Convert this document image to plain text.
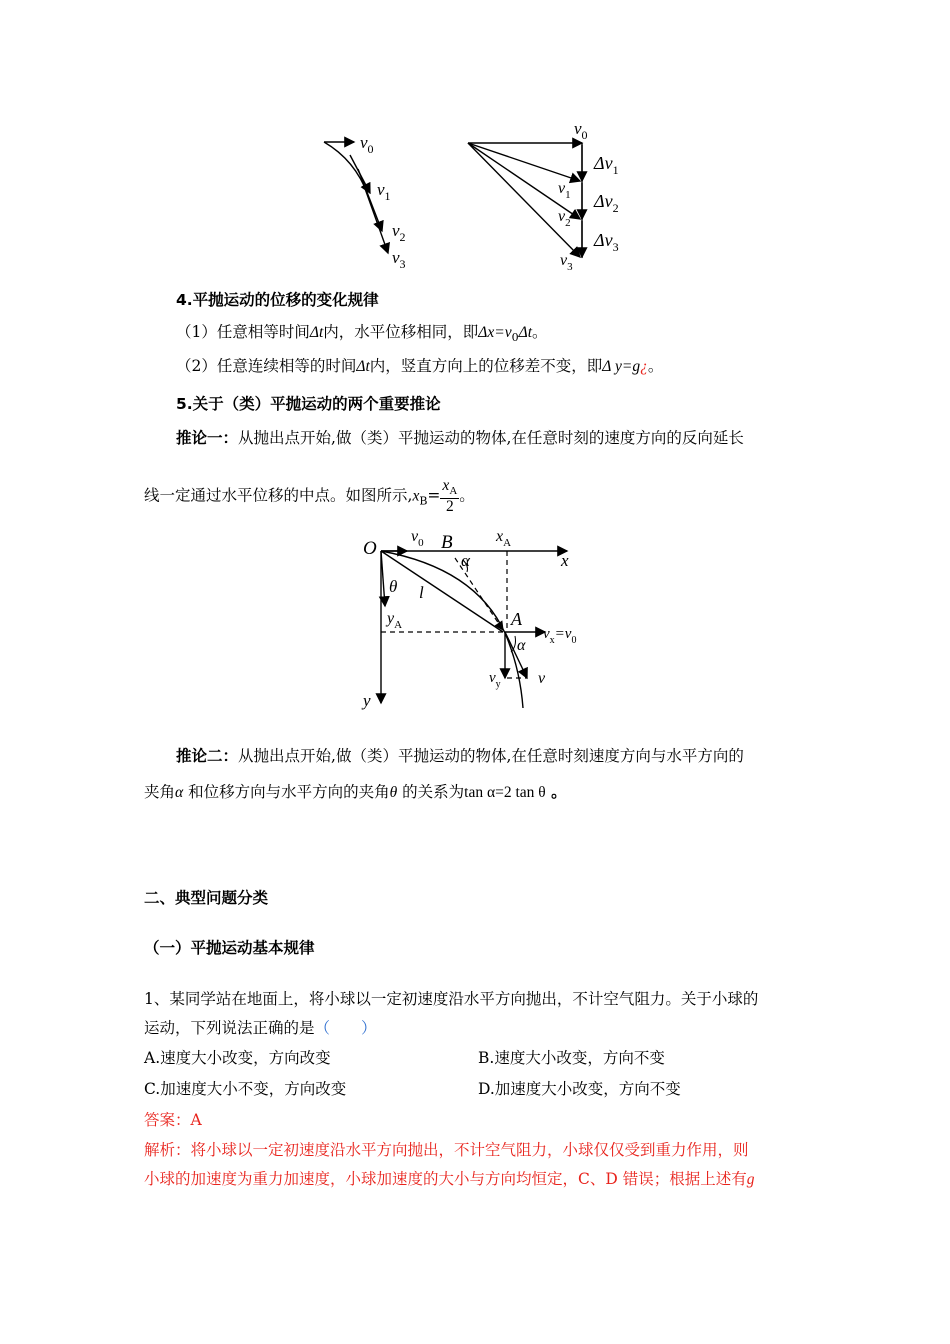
$v_0$
$v_1$
$v_2$
$v_3$
$v_0$
$\Delta v_1$
$\Delta v_2$
$\Delta v_3$
$v_1$
$v_2$
$v_3$
4.平抛运动的位移的变化规律
（1）任意相等时间Δt内，水平位移相同，即$\Delta x=v_0\Delta t$。
（2）任意连续相等的时间Δt内，竖直方向上的位移差不变，即Δ y=g¿。
5.关于（类）平抛运动的两个重要推论
推论一：从抛出点开始,做（类）平抛运动的物体,在任意时刻的速度方向的反向延长
线一定通过水平位移的中点。如图所示$,x_B= \frac{x_A}{2}$ 。
O
$v_0$ B
α
$x_A$
x
θ l
$y_A$	A
$v_x=v_0$
α
$v_y$ v
y
推论二：从抛出点开始,做（类）平抛运动的物体,在任意时刻速度方向与水平方向的
夹角α 和位移方向与水平方向的夹角θ 的关系为tan α=2 tan θ 。
二、典型问题分类
（一）平抛运动基本规律
1、某同学站在地面上，将小球以一定初速度沿水平方向抛出，不计空气阻力。关于小球的
运动，下列说法正确的是（　　）
A.速度大小改变，方向改变	B.速度大小改变，方向不变
C.加速度大小不变，方向改变	D.加速度大小改变，方向不变
答案：A
解析：将小球以一定初速度沿水平方向抛出，不计空气阻力，小球仅仅受到重力作用，则
小球的加速度为重力加速度，小球加速度的大小与方向均恒定，C、D 错误；根据上述有g
